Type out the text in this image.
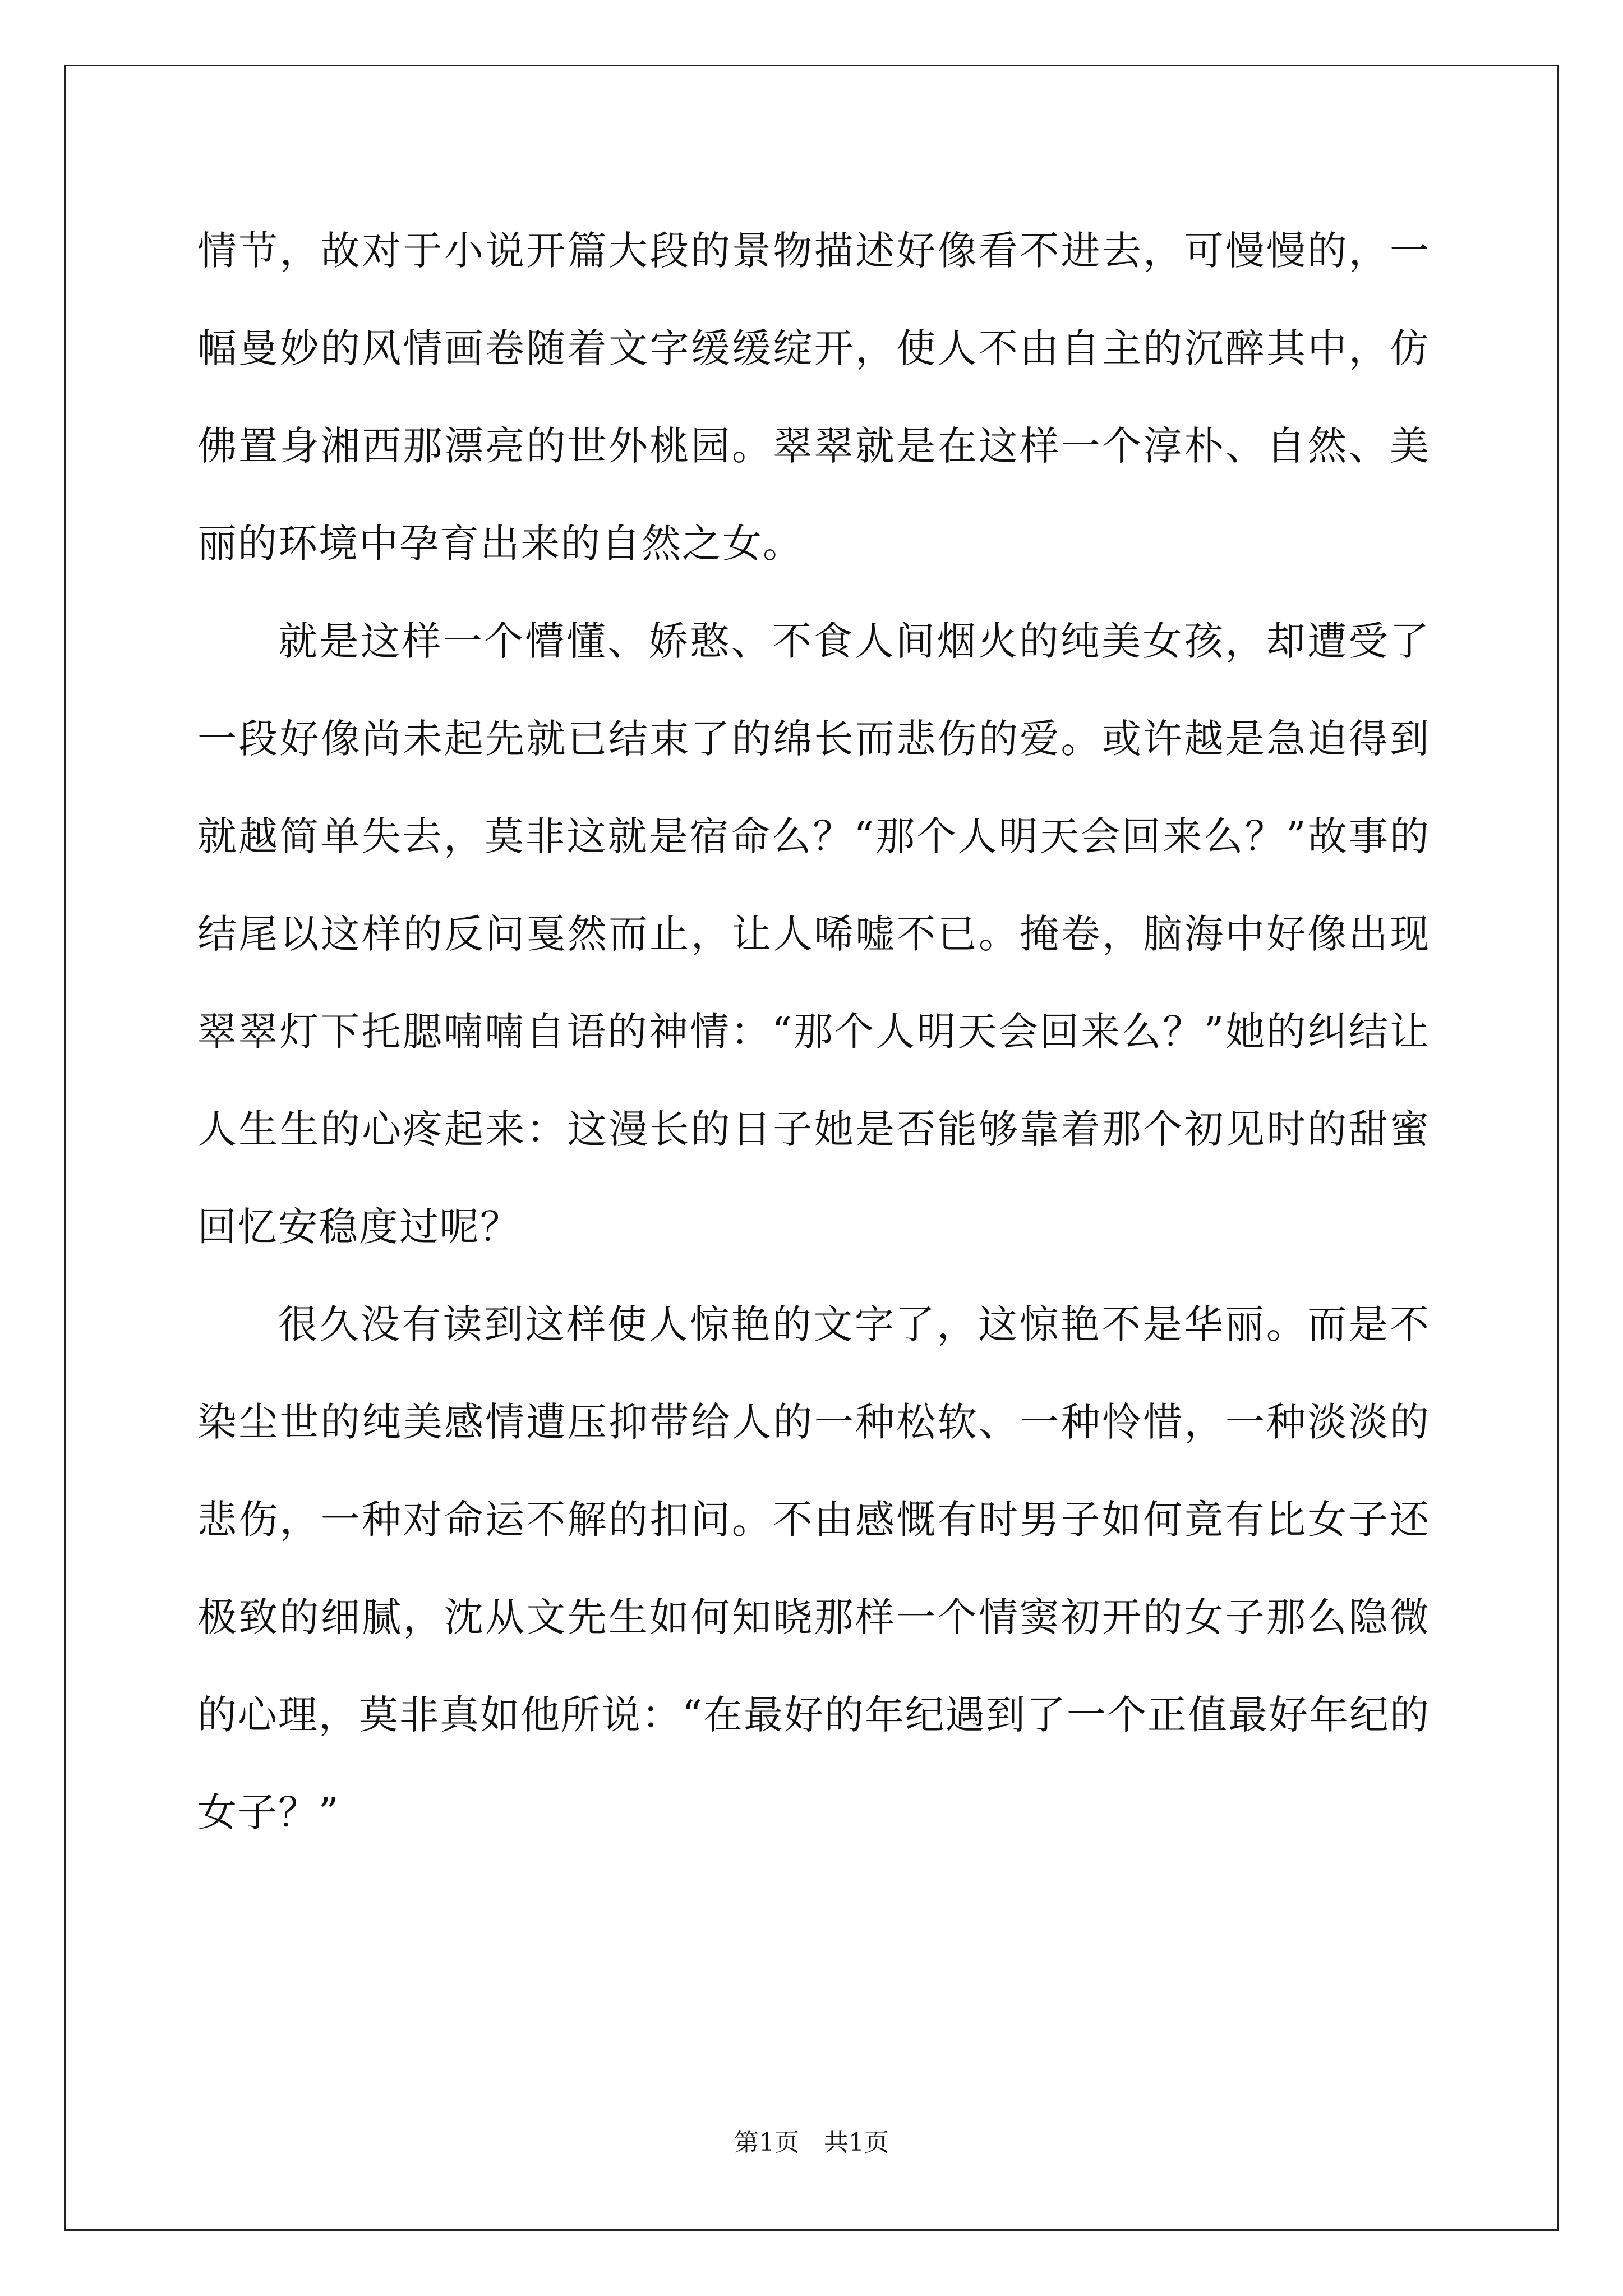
情节，故对于小说开篇大段的景物描述好像看不进去，可慢慢的，一幅曼妙的风情画卷随着文字缓缓绽开，使人不由自主的沉醉其中，仿佛置身湘西那漂亮的世外桃园。翠翠就是在这样一个淳朴、自然、美丽的环境中孕育出来的自然之女。

就是这样一个懵懂、娇憨、不食人间烟火的纯美女孩，却遭受了一段好像尚未起先就已结束了的绵长而悲伤的爱。或许越是急迫得到就越简单失去，莫非这就是宿命么？“那个人明天会回来么？”故事的结尾以这样的反问戛然而止，让人唏嘘不已。掩卷，脑海中好像出现翠翠灯下托腮喃喃自语的神情：“那个人明天会回来么？”她的纠结让人生生的心疼起来：这漫长的日子她是否能够靠着那个初见时的甜蜜回忆安稳度过呢？

很久没有读到这样使人惊艳的文字了，这惊艳不是华丽。而是不染尘世的纯美感情遭压抑带给人的一种松软、一种怜惜，一种淡淡的悲伤，一种对命运不解的扣问。不由感慨有时男子如何竟有比女子还极致的细腻，沈从文先生如何知晓那样一个情窦初开的女子那么隐微的心理，莫非真如他所说：“在最好的年纪遇到了一个正值最好年纪的女子？”

第1页　共1页
